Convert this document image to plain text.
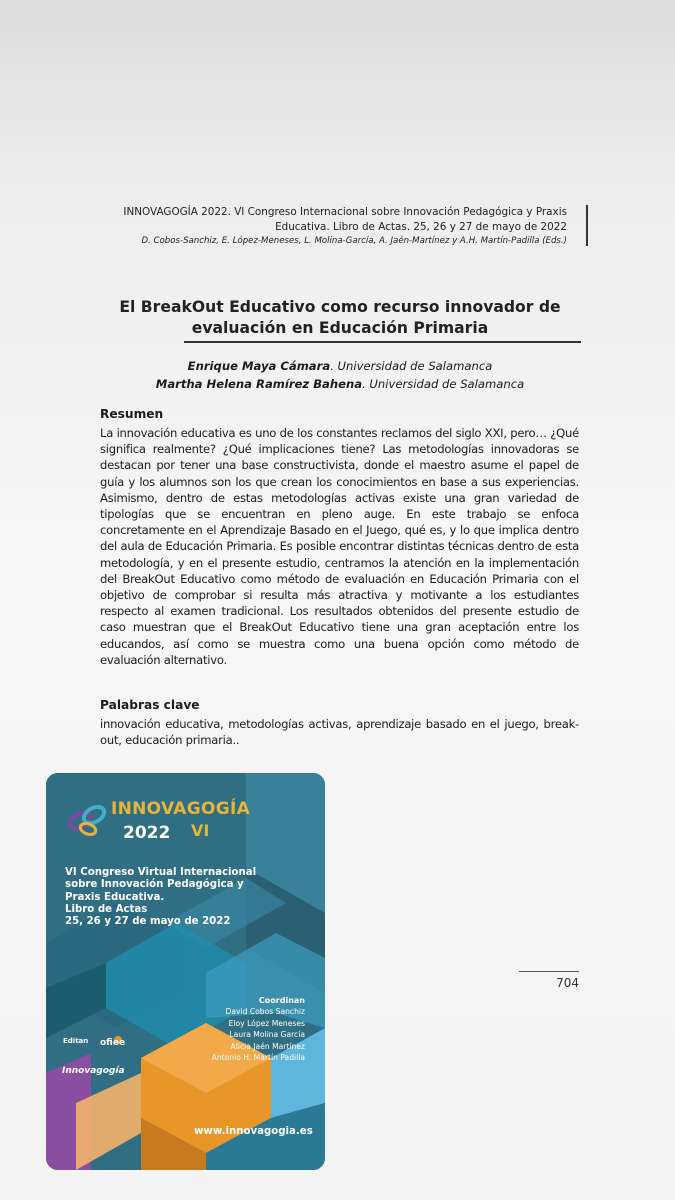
INNOVAGOGÍA 2022. VI Congreso Internacional sobre Innovación Pedagógica y Praxis
Educativa. Libro de Actas. 25, 26 y 27 de mayo de 2022
D. Cobos-Sanchiz, E. López-Meneses, L. Molina-García, A. Jaén-Martínez y A.H. Martín-Padilla (Eds.)
El BreakOut Educativo como recurso innovador de
evaluación en Educación Primaria
Enrique Maya Cámara. Universidad de Salamanca
Martha Helena Ramírez Bahena. Universidad de Salamanca
Resumen
La innovación educativa es uno de los constantes reclamos del siglo XXI, pero… ¿Qué significa realmente? ¿Qué implicaciones tiene? Las metodologías innovadoras se destacan por tener una base constructivista, donde el maestro asume el papel de guía y los alumnos son los que crean los conocimientos en base a sus experiencias. Asimismo, dentro de estas metodologías activas existe una gran variedad de tipologías que se encuentran en pleno auge. En este trabajo se enfoca concretamente en el Aprendizaje Basado en el Juego, qué es, y lo que implica dentro del aula de Educación Primaria. Es posible encontrar distintas técnicas dentro de esta metodología, y en el presente estudio, centramos la atención en la implementación del BreakOut Educativo como método de evaluación en Educación Primaria con el objetivo de comprobar si resulta más atractiva y motivante a los estudiantes respecto al examen tradicional. Los resultados obtenidos del presente estudio de caso muestran que el BreakOut Educativo tiene una gran aceptación entre los educandos, así como se muestra como una buena opción como método de evaluación alternativo.
Palabras clave
innovación educativa, metodologías activas, aprendizaje basado en el juego, break-out, educación primaria..
704
INNOVAGOGÍA
2022 VI
VI Congreso Virtual Internacional
sobre Innovación Pedagógica y
Praxis Educativa.
Libro de Actas
25, 26 y 27 de mayo de 2022
Coordinan
David Cobos Sanchiz
Eloy López Meneses
Laura Molina García
Alicia Jaén Martínez
Antonio H. Martín Padilla
Editan ofiee
Innovagogía
www.innovagogia.es
